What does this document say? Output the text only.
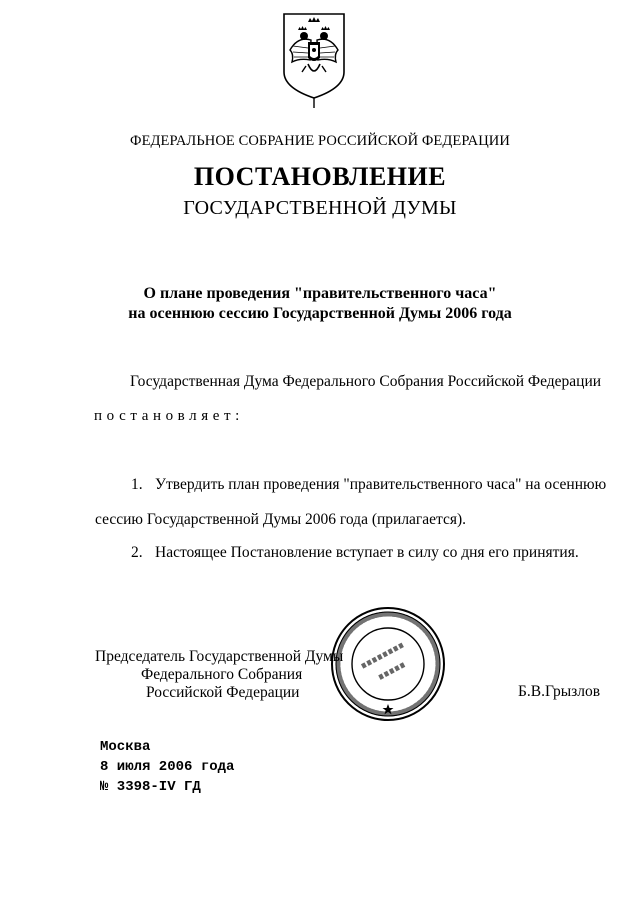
ФЕДЕРАЛЬНОЕ СОБРАНИЕ РОССИЙСКОЙ ФЕДЕРАЦИИ
ПОСТАНОВЛЕНИЕ
ГОСУДАРСТВЕННОЙ ДУМЫ
О плане проведения "правительственного часа"
на осеннюю сессию Государственной Думы 2006 года
Государственная Дума Федерального Собрания Российской Федерации
постановляет:
1. Утвердить план проведения "правительственного часа" на осеннюю
сессию Государственной Думы 2006 года (прилагается).
2. Настоящее Постановление вступает в силу со дня его принятия.
Председатель Государственной Думы
Федерального Собрания
Российской Федерации	Б.В.Грызлов
Москва
8 июля 2006 года
№ 3398-IV ГД
